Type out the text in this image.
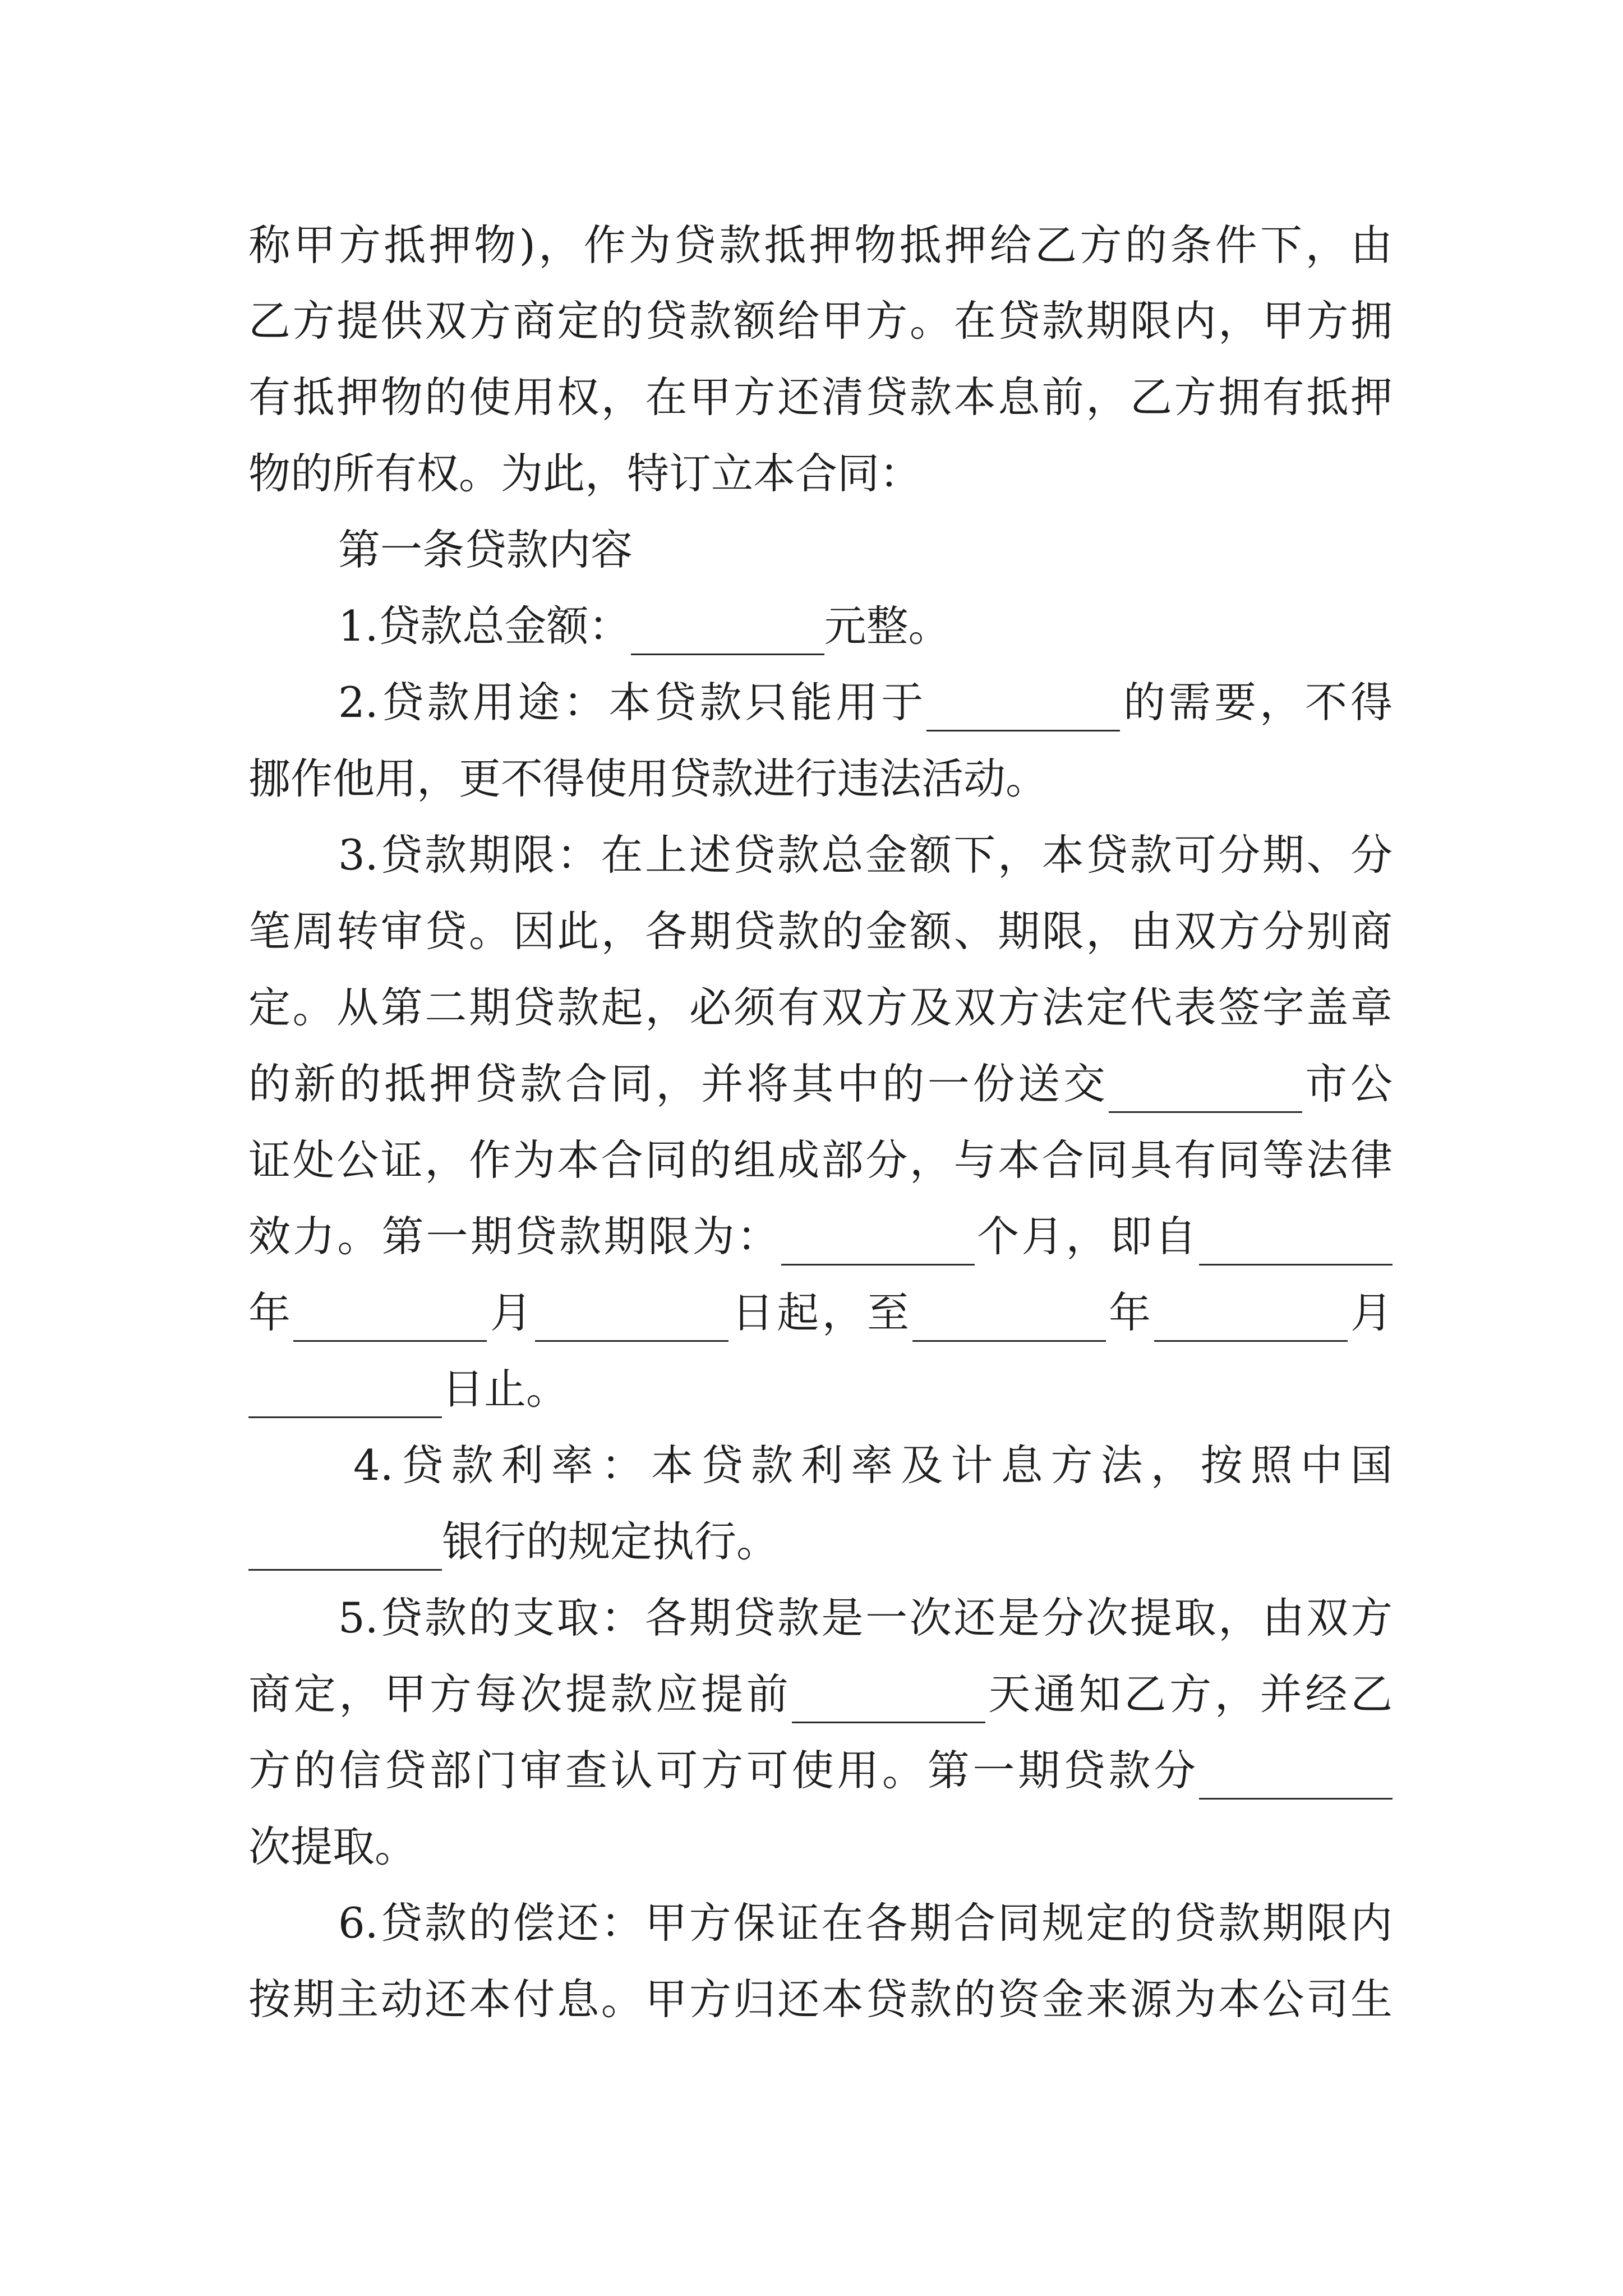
称甲方抵押物)，作为贷款抵押物抵押给乙方的条件下，由
乙方提供双方商定的贷款额给甲方。在贷款期限内，甲方拥
有抵押物的使用权，在甲方还清贷款本息前，乙方拥有抵押
物的所有权。为此，特订立本合同：
第一条贷款内容
1.贷款总金额：	元整。
2.贷款用途：本贷款只能用于	的需要，不得
挪作他用，更不得使用贷款进行违法活动。
3.贷款期限：在上述贷款总金额下，本贷款可分期、分
笔周转审贷。因此，各期贷款的金额、期限，由双方分别商
定。从第二期贷款起，必须有双方及双方法定代表签字盖章
的新的抵押贷款合同，并将其中的一份送交	市公
证处公证，作为本合同的组成部分，与本合同具有同等法律
效力。第一期贷款期限为：	个月，即自
年	月	日起，至	年	月
日止。
4.贷款利率：本贷款利率及计息方法，按照中国
银行的规定执行。
5.贷款的支取：各期贷款是一次还是分次提取，由双方
商定，甲方每次提款应提前	天通知乙方，并经乙
方的信贷部门审查认可方可使用。第一期贷款分
次提取。
6.贷款的偿还：甲方保证在各期合同规定的贷款期限内
按期主动还本付息。甲方归还本贷款的资金来源为本公司生
